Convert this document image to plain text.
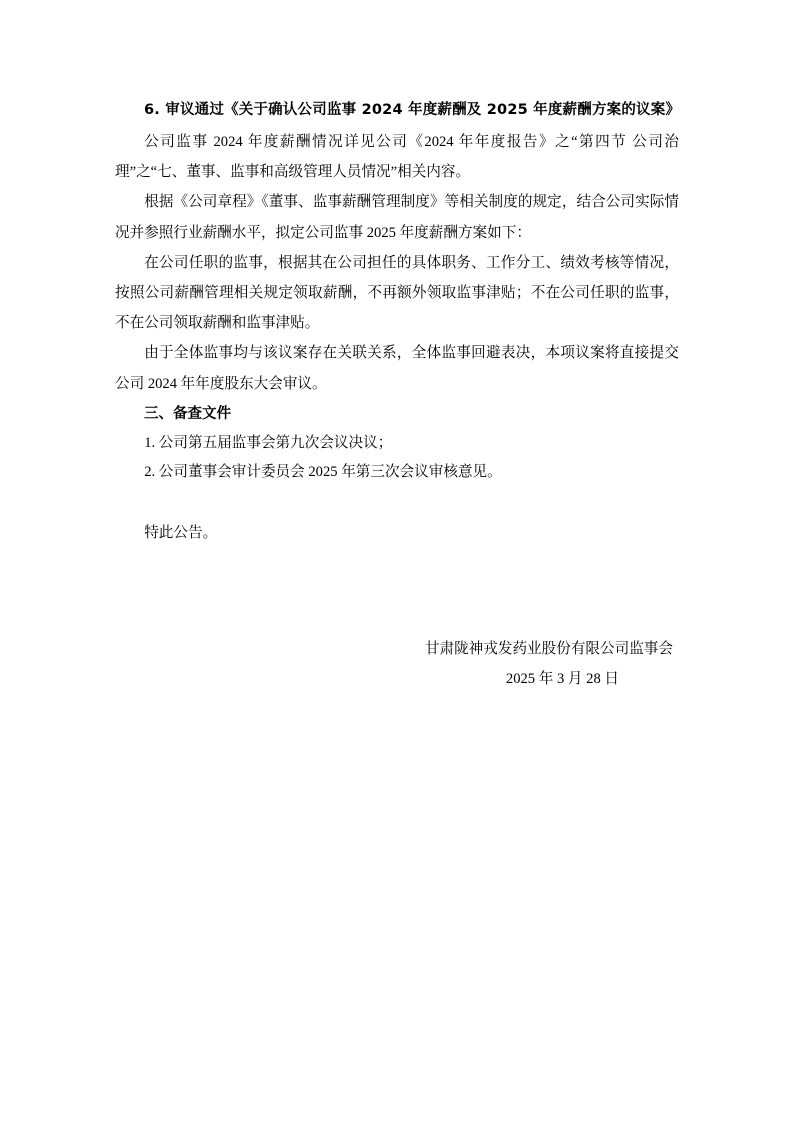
6. 审议通过《关于确认公司监事 2024 年度薪酬及 2025 年度薪酬方案的议案》

公司监事 2024 年度薪酬情况详见公司《2024 年年度报告》之“第四节 公司治理”之“七、董事、监事和高级管理人员情况”相关内容。

根据《公司章程》《董事、监事薪酬管理制度》等相关制度的规定，结合公司实际情况并参照行业薪酬水平，拟定公司监事 2025 年度薪酬方案如下：

在公司任职的监事，根据其在公司担任的具体职务、工作分工、绩效考核等情况，按照公司薪酬管理相关规定领取薪酬，不再额外领取监事津贴；不在公司任职的监事，不在公司领取薪酬和监事津贴。

由于全体监事均与该议案存在关联关系，全体监事回避表决，本项议案将直接提交公司 2024 年年度股东大会审议。

三、备查文件

1. 公司第五届监事会第九次会议决议；

2. 公司董事会审计委员会 2025 年第三次会议审核意见。

特此公告。

甘肃陇神戎发药业股份有限公司监事会
2025 年 3 月 28 日
